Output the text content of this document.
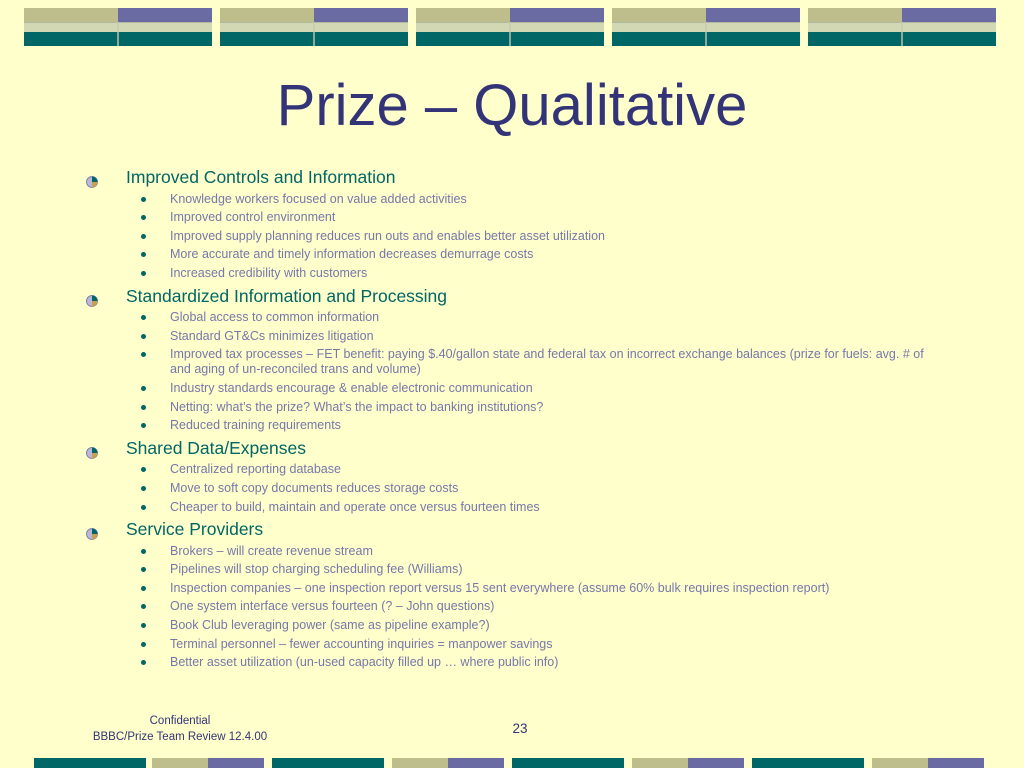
Prize – Qualitative
Improved Controls and Information
Knowledge workers focused on value added activities
Improved control environment
Improved supply planning reduces run outs and enables better asset utilization
More accurate and timely information decreases demurrage costs
Increased credibility with customers
Standardized Information and Processing
Global access to common information
Standard GT&Cs minimizes litigation
Improved tax processes – FET benefit: paying $.40/gallon state and federal tax on incorrect exchange balances (prize for fuels: avg. # of and aging of un-reconciled trans and volume)
Industry standards encourage & enable electronic communication
Netting: what’s the prize? What’s the impact to banking institutions?
Reduced training requirements
Shared Data/Expenses
Centralized reporting database
Move to soft copy documents reduces storage costs
Cheaper to build, maintain and operate once versus fourteen times
Service Providers
Brokers – will create revenue stream
Pipelines will stop charging scheduling fee (Williams)
Inspection companies – one inspection report versus 15 sent everywhere (assume 60% bulk requires inspection report)
One system interface versus fourteen (? – John questions)
Book Club leveraging power (same as pipeline example?)
Terminal personnel – fewer accounting inquiries = manpower savings
Better asset utilization (un-used capacity filled up … where public info)
Confidential
BBBC/Prize Team Review 12.4.00
23
